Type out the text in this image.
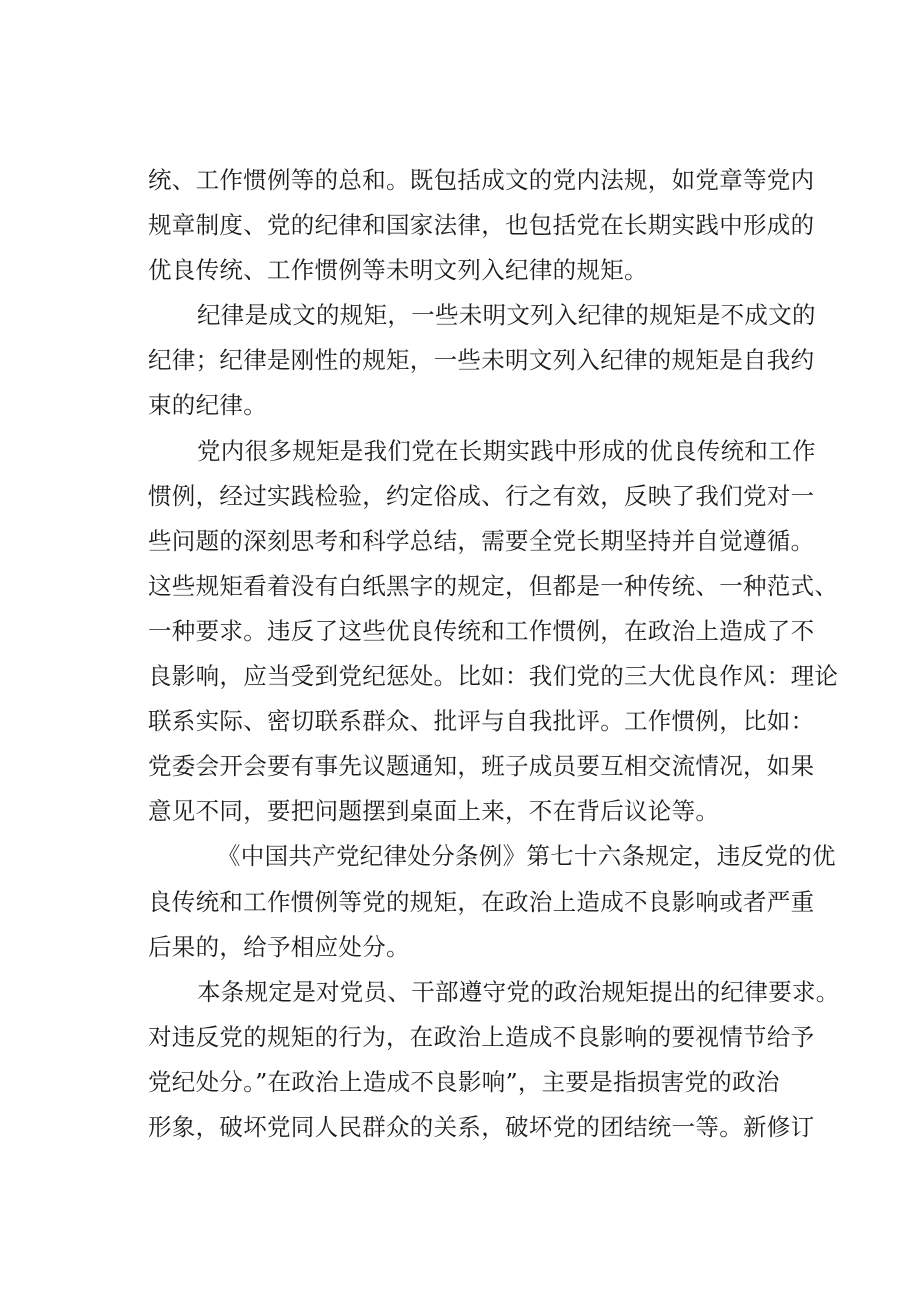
统、工作惯例等的总和。既包括成文的党内法规，如党章等党内
规章制度、党的纪律和国家法律，也包括党在长期实践中形成的
优良传统、工作惯例等未明文列入纪律的规矩。
纪律是成文的规矩，一些未明文列入纪律的规矩是不成文的
纪律；纪律是刚性的规矩，一些未明文列入纪律的规矩是自我约
束的纪律。
党内很多规矩是我们党在长期实践中形成的优良传统和工作
惯例，经过实践检验，约定俗成、行之有效，反映了我们党对一
些问题的深刻思考和科学总结，需要全党长期坚持并自觉遵循。
这些规矩看着没有白纸黑字的规定，但都是一种传统、一种范式、
一种要求。违反了这些优良传统和工作惯例，在政治上造成了不
良影响，应当受到党纪惩处。比如：我们党的三大优良作风：理论
联系实际、密切联系群众、批评与自我批评。工作惯例，比如：
党委会开会要有事先议题通知，班子成员要互相交流情况，如果
意见不同，要把问题摆到桌面上来，不在背后议论等。
《中国共产党纪律处分条例》第七十六条规定，违反党的优
良传统和工作惯例等党的规矩，在政治上造成不良影响或者严重
后果的，给予相应处分。
本条规定是对党员、干部遵守党的政治规矩提出的纪律要求。
对违反党的规矩的行为，在政治上造成不良影响的要视情节给予
党纪处分。”在政治上造成不良影响”，主要是指损害党的政治
形象，破坏党同人民群众的关系，破坏党的团结统一等。新修订
